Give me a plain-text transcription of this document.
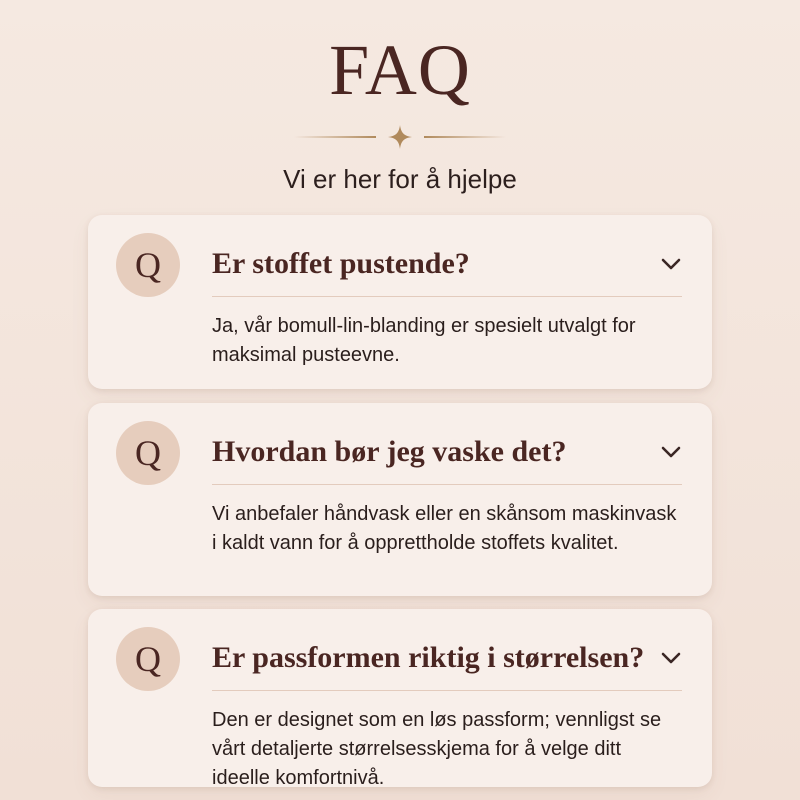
FAQ
Vi er her for å hjelpe
Q	Er stoffet pustende?
Ja, vår bomull-lin-blanding er spesielt utvalgt for maksimal pusteevne.
Q	Hvordan bør jeg vaske det?
Vi anbefaler håndvask eller en skånsom maskinvask i kaldt vann for å opprettholde stoffets kvalitet.
Q	Er passformen riktig i størrelsen?
Den er designet som en løs passform; vennligst se vårt detaljerte størrelsesskjema for å velge ditt ideelle komfortnivå.
